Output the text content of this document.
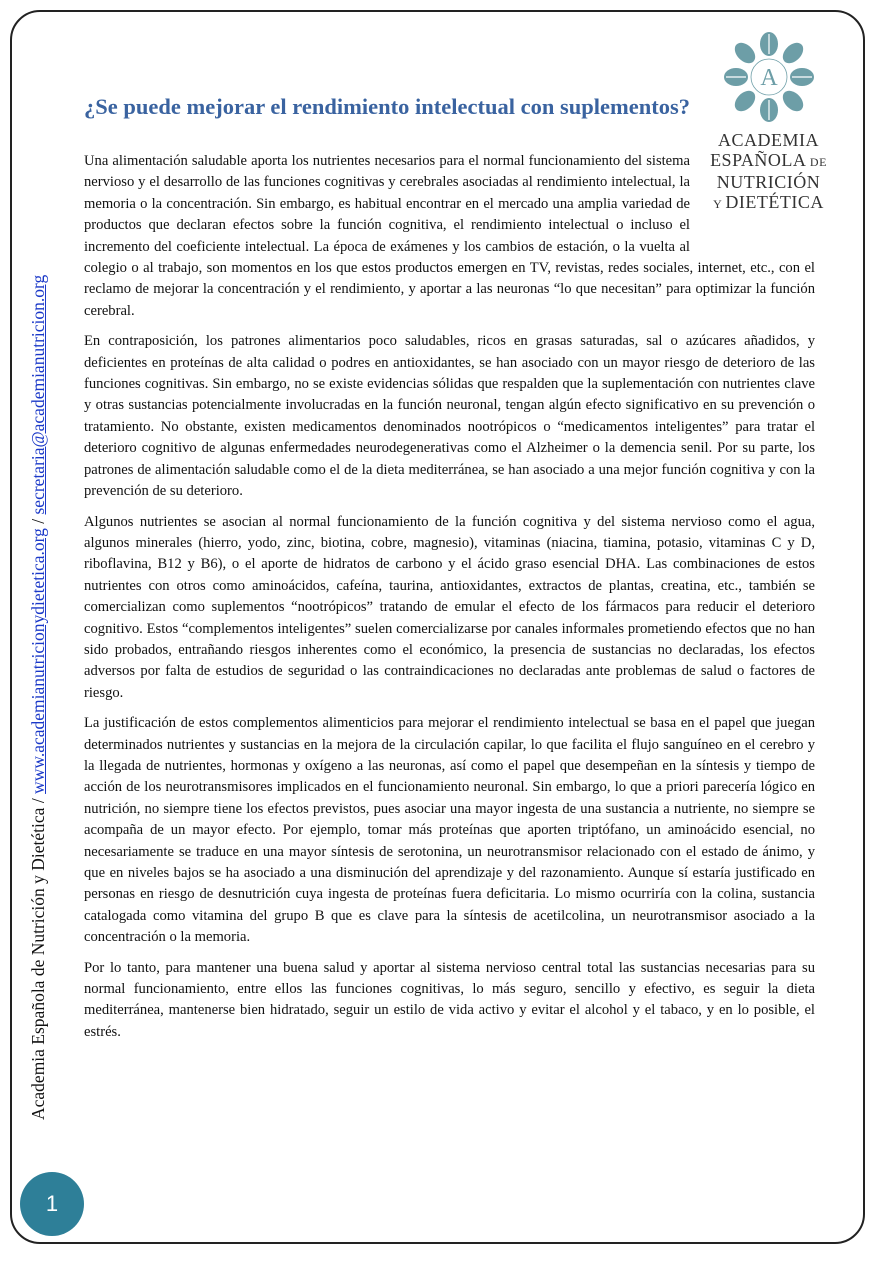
Academia Española de Nutrición y Dietética / www.academianutricionydietetica.org / secretaria@academianutricion.org
A
ACADEMIA
ESPAÑOLA DE
NUTRICIÓN
Y DIETÉTICA
¿Se puede mejorar el rendimiento intelectual con suplementos?

Una alimentación saludable aporta los nutrientes necesarios para el normal funcionamiento del sistema nervioso y el desarrollo de las funciones cognitivas y cerebrales asociadas al rendimiento intelectual, la memoria o la concentración. Sin embargo, es habitual encontrar en el mercado una amplia variedad de productos que declaran efectos sobre la función cognitiva, el rendimiento intelectual o incluso el incremento del coeficiente intelectual. La época de exámenes y los cambios de estación, o la vuelta al colegio o al trabajo, son momentos en los que estos productos emergen en TV, revistas, redes sociales, internet, etc., con el reclamo de mejorar la concentración y el rendimiento, y aportar a las neuronas “lo que necesitan” para optimizar la función cerebral.

En contraposición, los patrones alimentarios poco saludables, ricos en grasas saturadas, sal o azúcares añadidos, y deficientes en proteínas de alta calidad o podres en antioxidantes, se han asociado con un mayor riesgo de deterioro de las funciones cognitivas. Sin embargo, no se existe evidencias sólidas que respalden que la suplementación con nutrientes clave y otras sustancias potencialmente involucradas en la función neuronal, tengan algún efecto significativo en su prevención o tratamiento. No obstante, existen medicamentos denominados nootrópicos o “medicamentos inteligentes” para tratar el deterioro cognitivo de algunas enfermedades neurodegenerativas como el Alzheimer o la demencia senil. Por su parte, los patrones de alimentación saludable como el de la dieta mediterránea, se han asociado a una mejor función cognitiva y con la prevención de su deterioro.

Algunos nutrientes se asocian al normal funcionamiento de la función cognitiva y del sistema nervioso como el agua, algunos minerales (hierro, yodo, zinc, biotina, cobre, magnesio), vitaminas (niacina, tiamina, potasio, vitaminas C y D, riboflavina, B12 y B6), o el aporte de hidratos de carbono y el ácido graso esencial DHA. Las combinaciones de estos nutrientes con otros como aminoácidos, cafeína, taurina, antioxidantes, extractos de plantas, creatina, etc., también se comercializan como suplementos “nootrópicos” tratando de emular el efecto de los fármacos para reducir el deterioro cognitivo. Estos “complementos inteligentes” suelen comercializarse por canales informales prometiendo efectos que no han sido probados, entrañando riesgos inherentes como el económico, la presencia de sustancias no declaradas, los efectos adversos por falta de estudios de seguridad o las contraindicaciones no declaradas ante problemas de salud o factores de riesgo.

La justificación de estos complementos alimenticios para mejorar el rendimiento intelectual se basa en el papel que juegan determinados nutrientes y sustancias en la mejora de la circulación capilar, lo que facilita el flujo sanguíneo en el cerebro y la llegada de nutrientes, hormonas y oxígeno a las neuronas, así como el papel que desempeñan en la síntesis y tiempo de acción de los neurotransmisores implicados en el funcionamiento neuronal. Sin embargo, lo que a priori parecería lógico en nutrición, no siempre tiene los efectos previstos, pues asociar una mayor ingesta de una sustancia a nutriente, no siempre se acompaña de un mayor efecto. Por ejemplo, tomar más proteínas que aporten triptófano, un aminoácido esencial, no necesariamente se traduce en una mayor síntesis de serotonina, un neurotransmisor relacionado con el estado de ánimo, y que en niveles bajos se ha asociado a una disminución del aprendizaje y del razonamiento. Aunque sí estaría justificado en personas en riesgo de desnutrición cuya ingesta de proteínas fuera deficitaria. Lo mismo ocurriría con la colina, sustancia catalogada como vitamina del grupo B que es clave para la síntesis de acetilcolina, un neurotransmisor asociado a la concentración o la memoria.

Por lo tanto, para mantener una buena salud y aportar al sistema nervioso central total las sustancias necesarias para su normal funcionamiento, entre ellos las funciones cognitivas, lo más seguro, sencillo y efectivo, es seguir la dieta mediterránea, mantenerse bien hidratado, seguir un estilo de vida activo y evitar el alcohol y el tabaco, y en lo posible, el estrés.

1
